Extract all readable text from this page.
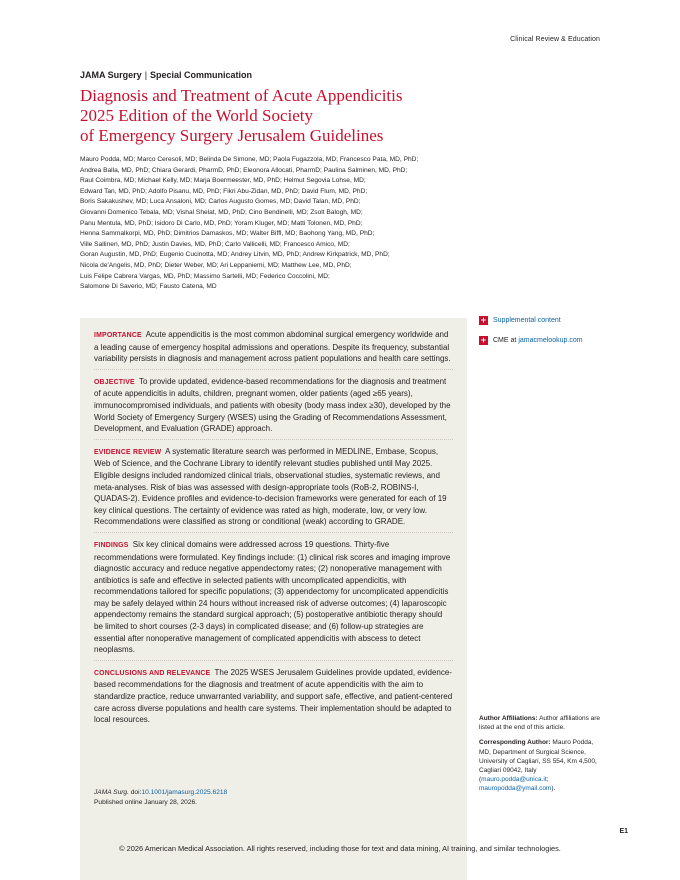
Clinical Review & Education
JAMA Surgery | Special Communication
Diagnosis and Treatment of Acute Appendicitis
2025 Edition of the World Society
of Emergency Surgery Jerusalem Guidelines
Mauro Podda, MD; Marco Ceresoli, MD; Belinda De Simone, MD; Paola Fugazzola, MD; Francesco Pata, MD, PhD;
Andrea Balla, MD, PhD; Chiara Gerardi, PharmD, PhD; Eleonora Allocati, PharmD; Paulina Salminen, MD, PhD;
Raul Coimbra, MD; Michael Kelly, MD; Marja Boermeester, MD, PhD; Helmut Segovia Lohse, MD;
Edward Tan, MD, PhD; Adolfo Pisanu, MD, PhD; Fikri Abu-Zidan, MD, PhD; David Flum, MD, PhD;
Boris Sakakushev, MD; Luca Ansaloni, MD; Carlos Augusto Gomes, MD; David Talan, MD, PhD;
Giovanni Domenico Tebala, MD; Vishal Shelat, MD, PhD; Cino Bendinelli, MD; Zsolt Balogh, MD;
Panu Mentula, MD, PhD; Isidoro Di Carlo, MD, PhD; Yoram Kluger, MD; Matti Tolonen, MD, PhD;
Henna Sammalkorpi, MD, PhD; Dimitrios Damaskos, MD; Walter Biffl, MD; Baohong Yang, MD, PhD;
Ville Sallinen, MD, PhD; Justin Davies, MD, PhD; Carlo Vallicelli, MD; Francesco Amico, MD;
Goran Augustin, MD, PhD; Eugenio Cucinotta, MD; Andrey Litvin, MD, PhD; Andrew Kirkpatrick, MD, PhD;
Nicola de'Angelis, MD, PhD; Dieter Weber, MD; Ari Leppaniemi, MD; Matthew Lee, MD, PhD;
Luis Felipe Cabrera Vargas, MD, PhD; Massimo Sartelli, MD; Federico Coccolini, MD;
Salomone Di Saverio, MD; Fausto Catena, MD
IMPORTANCE Acute appendicitis is the most common abdominal surgical emergency worldwide and a leading cause of emergency hospital admissions and operations. Despite its frequency, substantial variability persists in diagnosis and management across patient populations and health care settings.
OBJECTIVE To provide updated, evidence-based recommendations for the diagnosis and treatment of acute appendicitis in adults, children, pregnant women, older patients (aged ≥65 years), immunocompromised individuals, and patients with obesity (body mass index ≥30), developed by the World Society of Emergency Surgery (WSES) using the Grading of Recommendations Assessment, Development, and Evaluation (GRADE) approach.
EVIDENCE REVIEW A systematic literature search was performed in MEDLINE, Embase, Scopus, Web of Science, and the Cochrane Library to identify relevant studies published until May 2025. Eligible designs included randomized clinical trials, observational studies, systematic reviews, and meta-analyses. Risk of bias was assessed with design-appropriate tools (RoB-2, ROBINS-I, QUADAS-2). Evidence profiles and evidence-to-decision frameworks were generated for each of 19 key clinical questions. The certainty of evidence was rated as high, moderate, low, or very low. Recommendations were classified as strong or conditional (weak) according to GRADE.
FINDINGS Six key clinical domains were addressed across 19 questions. Thirty-five recommendations were formulated. Key findings include: (1) clinical risk scores and imaging improve diagnostic accuracy and reduce negative appendectomy rates; (2) nonoperative management with antibiotics is safe and effective in selected patients with uncomplicated appendicitis, with recommendations tailored for specific populations; (3) appendectomy for uncomplicated appendicitis may be safely delayed within 24 hours without increased risk of adverse outcomes; (4) laparoscopic appendectomy remains the standard surgical approach; (5) postoperative antibiotic therapy should be limited to short courses (2-3 days) in complicated disease; and (6) follow-up strategies are essential after nonoperative management of complicated appendicitis with abscess to detect neoplasms.
CONCLUSIONS AND RELEVANCE The 2025 WSES Jerusalem Guidelines provide updated, evidence-based recommendations for the diagnosis and treatment of acute appendicitis with the aim to standardize practice, reduce unwarranted variability, and support safe, effective, and patient-centered care across diverse populations and health care systems. Their implementation should be adapted to local resources.
JAMA Surg. doi:10.1001/jamasurg.2025.6218
Published online January 28, 2026.
+ Supplemental content
+ CME at jamacmelookup.com

Author Affiliations: Author affiliations are listed at the end of this article.

Corresponding Author: Mauro Podda, MD, Department of Surgical Science, University of Cagliari, SS 554, Km 4,500, Cagliari 09042, Italy (mauro.podda@unica.it; mauropodda@ymail.com).

E1
© 2026 American Medical Association. All rights reserved, including those for text and data mining, AI training, and similar technologies.
